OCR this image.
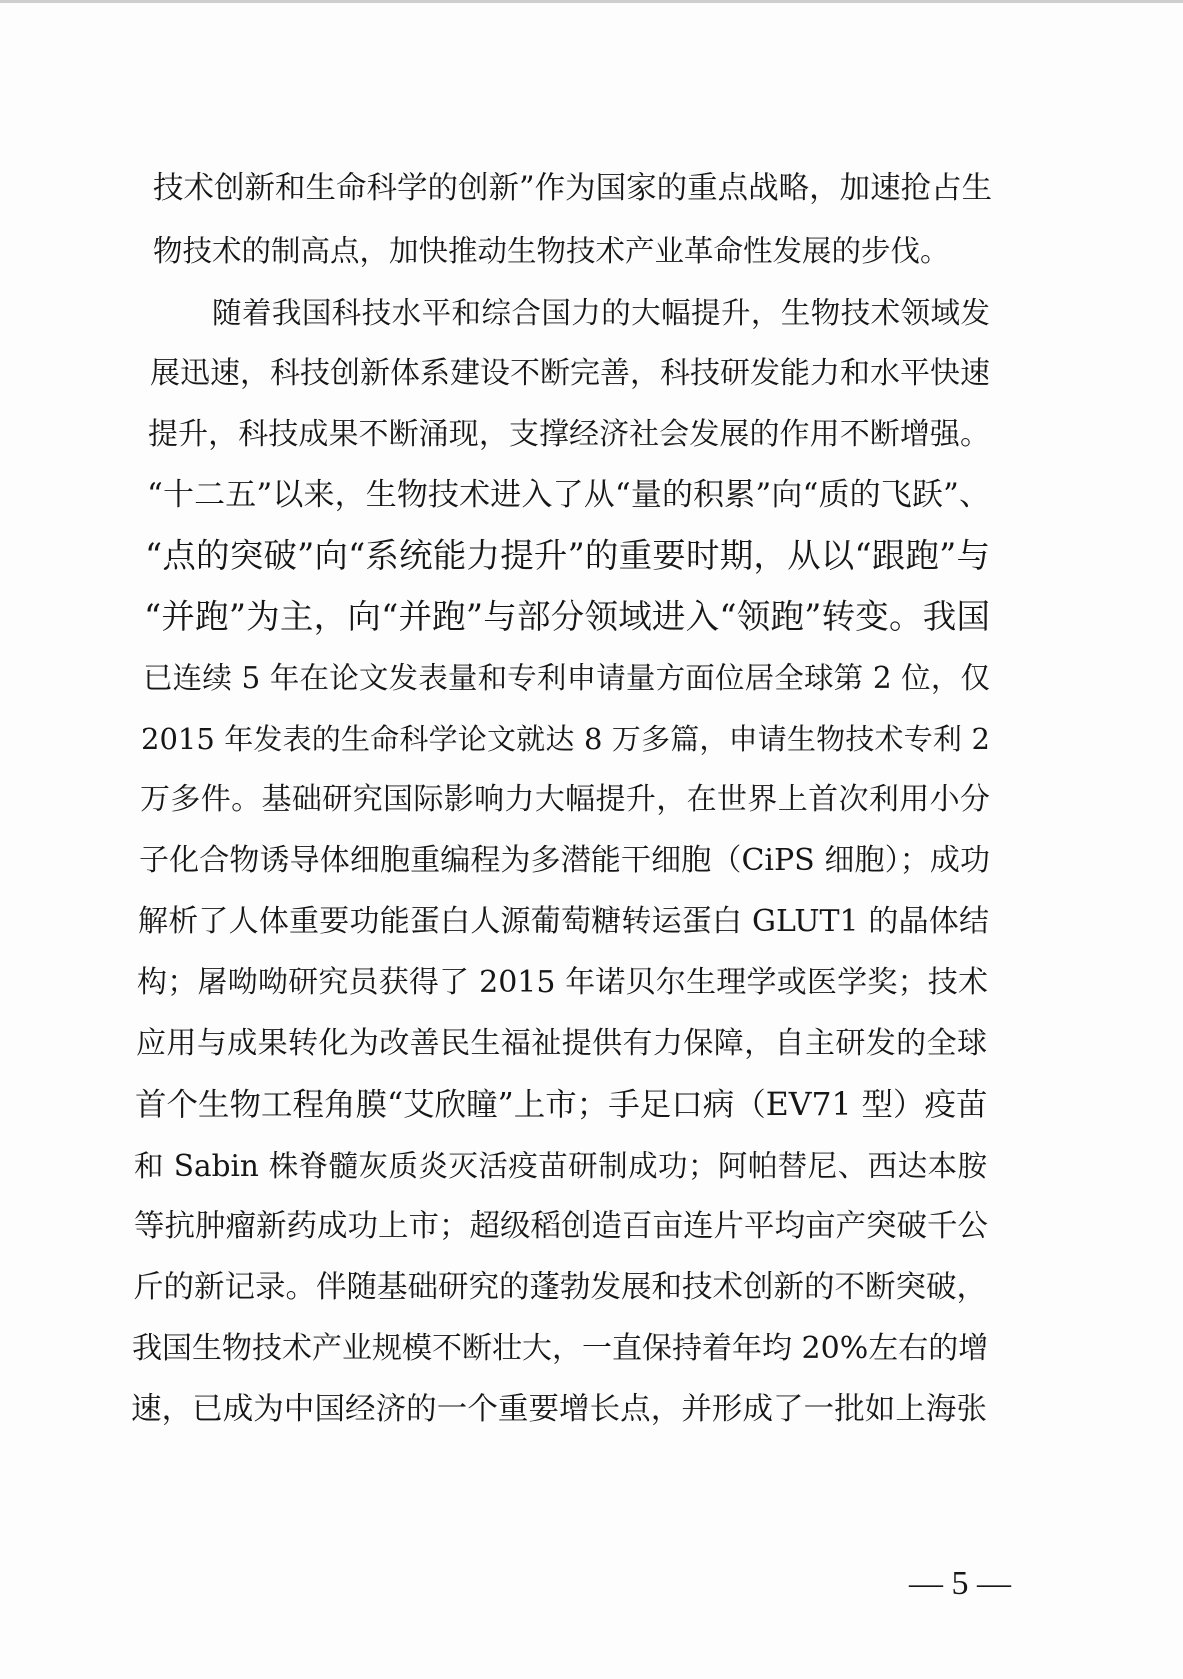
技术创新和生命科学的创新”作为国家的重点战略，加速抢占生
物技术的制高点，加快推动生物技术产业革命性发展的步伐。
随着我国科技水平和综合国力的大幅提升，生物技术领域发
展迅速，科技创新体系建设不断完善，科技研发能力和水平快速
提升，科技成果不断涌现，支撑经济社会发展的作用不断增强。
“十二五”以来，生物技术进入了从“量的积累”向“质的飞跃”、
“点的突破”向“系统能力提升”的重要时期，从以“跟跑”与
“并跑”为主，向“并跑”与部分领域进入“领跑”转变。我国
已连续 5 年在论文发表量和专利申请量方面位居全球第 2 位，仅
2015 年发表的生命科学论文就达 8 万多篇，申请生物技术专利 2
万多件。基础研究国际影响力大幅提升，在世界上首次利用小分
子化合物诱导体细胞重编程为多潜能干细胞（CiPS 细胞）；成功
解析了人体重要功能蛋白人源葡萄糖转运蛋白 GLUT1 的晶体结
构；屠呦呦研究员获得了 2015 年诺贝尔生理学或医学奖；技术
应用与成果转化为改善民生福祉提供有力保障，自主研发的全球
首个生物工程角膜“艾欣瞳”上市；手足口病（EV71 型）疫苗
和 Sabin 株脊髓灰质炎灭活疫苗研制成功；阿帕替尼、西达本胺
等抗肿瘤新药成功上市；超级稻创造百亩连片平均亩产突破千公
斤的新记录。伴随基础研究的蓬勃发展和技术创新的不断突破，
我国生物技术产业规模不断壮大，一直保持着年均 20%左右的增
速，已成为中国经济的一个重要增长点，并形成了一批如上海张
— 5 —
